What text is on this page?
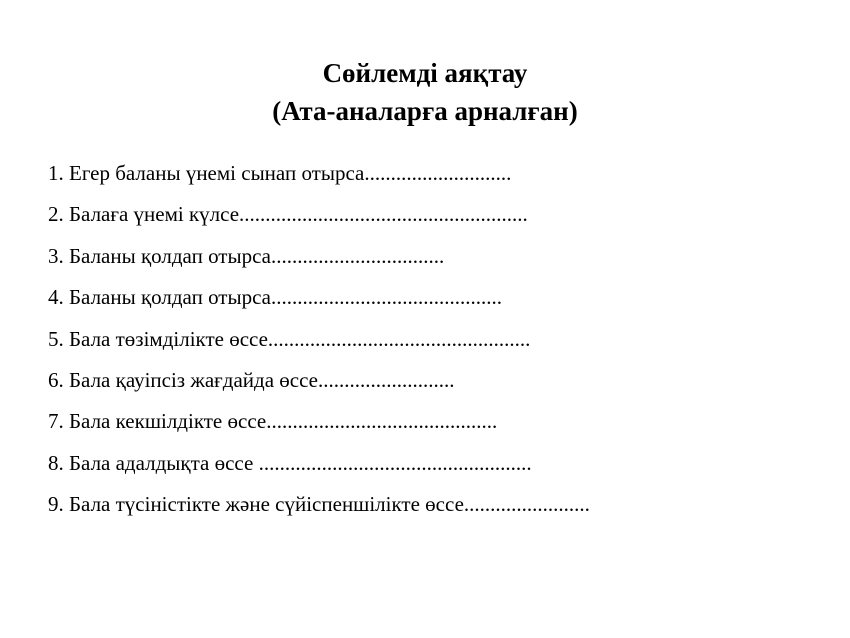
Сөйлемді аяқтау
(Ата-аналарға арналған)
1. Егер баланы үнемі сынап отырса............................
2. Балаға үнемі күлсе.......................................................
3. Баланы қолдап отырса.................................
4. Баланы қолдап отырса............................................
5. Бала төзімділікте өссе..................................................
6. Бала қауіпсіз жағдайда өссе..........................
7. Бала кекшілдікте өссе............................................
8. Бала адалдықта өссе ....................................................
9. Бала түсіністікте және сүйіспеншілікте өссе........................
